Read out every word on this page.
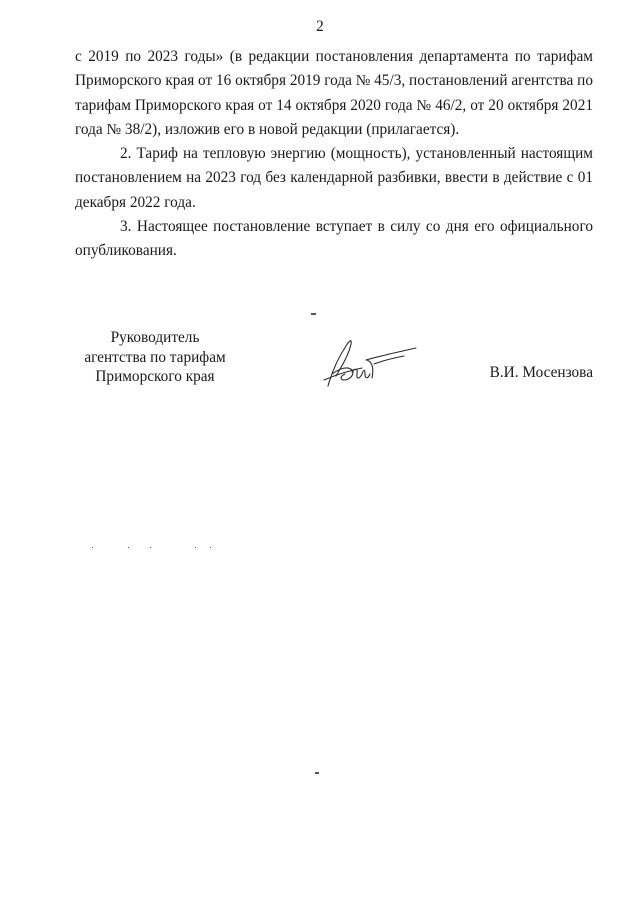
2

с 2019 по 2023 годы» (в редакции постановления департамента по тарифам Приморского края от 16 октября 2019 года № 45/3, постановлений агентства по тарифам Приморского края от 14 октября 2020 года № 46/2, от 20 октября 2021 года № 38/2), изложив его в новой редакции (прилагается).

2. Тариф на тепловую энергию (мощность), установленный настоящим постановлением на 2023 год без календарной разбивки, ввести в действие с 01 декабря 2022 года.

3. Настоящее постановление вступает в силу со дня его официального опубликования.

Руководитель
агентства по тарифам
Приморского края	В.И. Мосензова
